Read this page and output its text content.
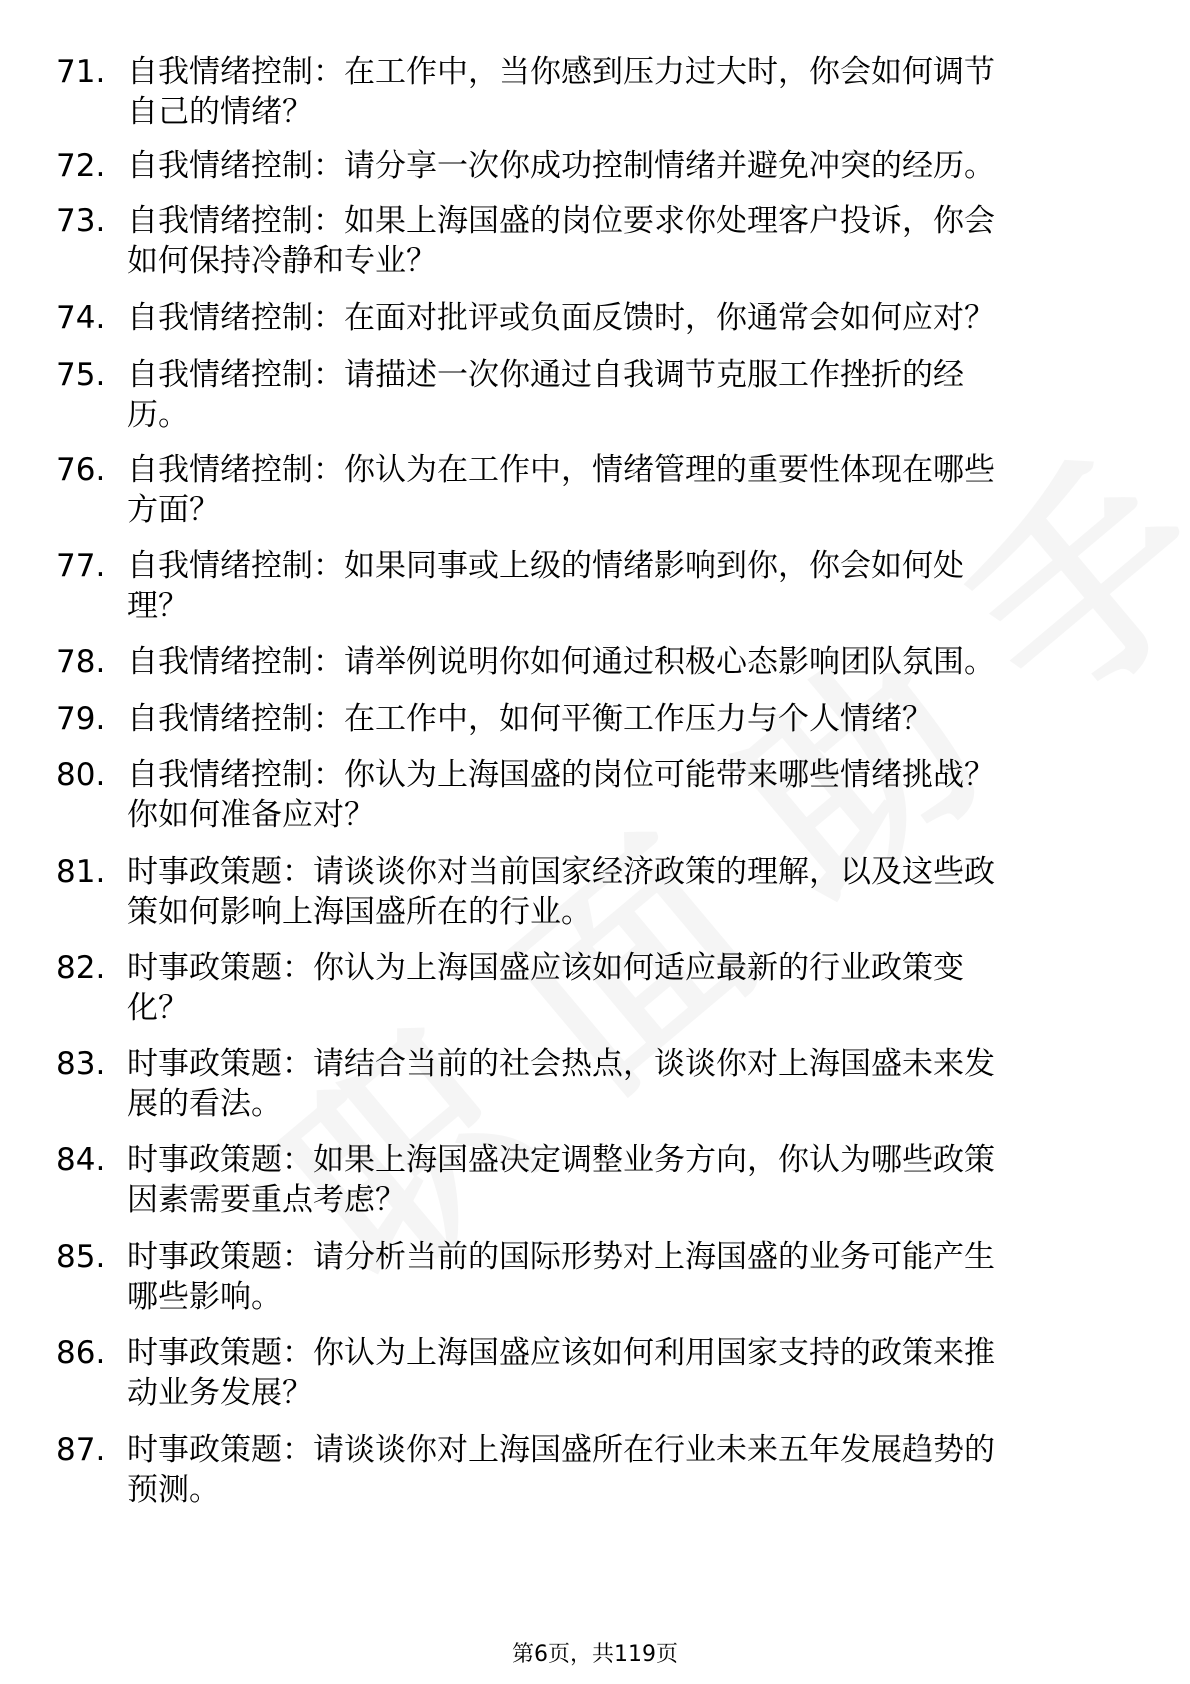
71. 自我情绪控制：在工作中，当你感到压力过大时，你会如何调节
自己的情绪？
72. 自我情绪控制：请分享一次你成功控制情绪并避免冲突的经历。
73. 自我情绪控制：如果上海国盛的岗位要求你处理客户投诉，你会
如何保持冷静和专业？
74. 自我情绪控制：在面对批评或负面反馈时，你通常会如何应对？
75. 自我情绪控制：请描述一次你通过自我调节克服工作挫折的经
历。
76. 自我情绪控制：你认为在工作中，情绪管理的重要性体现在哪些
方面？
77. 自我情绪控制：如果同事或上级的情绪影响到你，你会如何处
理？
78. 自我情绪控制：请举例说明你如何通过积极心态影响团队氛围。
79. 自我情绪控制：在工作中，如何平衡工作压力与个人情绪？
80. 自我情绪控制：你认为上海国盛的岗位可能带来哪些情绪挑战？
你如何准备应对？
81. 时事政策题：请谈谈你对当前国家经济政策的理解，以及这些政
策如何影响上海国盛所在的行业。
82. 时事政策题：你认为上海国盛应该如何适应最新的行业政策变
化？
83. 时事政策题：请结合当前的社会热点，谈谈你对上海国盛未来发
展的看法。
84. 时事政策题：如果上海国盛决定调整业务方向，你认为哪些政策
因素需要重点考虑？
85. 时事政策题：请分析当前的国际形势对上海国盛的业务可能产生
哪些影响。
86. 时事政策题：你认为上海国盛应该如何利用国家支持的政策来推
动业务发展？
87. 时事政策题：请谈谈你对上海国盛所在行业未来五年发展趋势的
预测。
第6页，共119页
